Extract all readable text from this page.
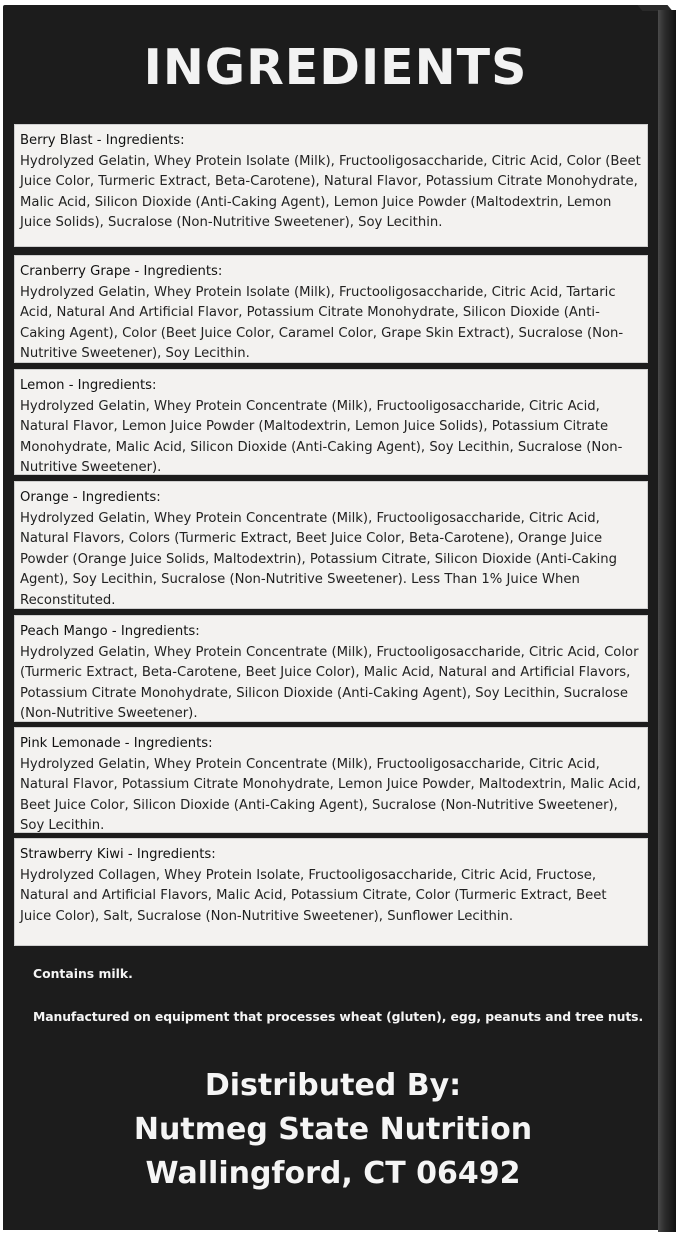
INGREDIENTS
Berry Blast - Ingredients:
Hydrolyzed Gelatin, Whey Protein Isolate (Milk), Fructooligosaccharide, Citric Acid, Color (Beet Juice Color, Turmeric Extract, Beta-Carotene), Natural Flavor, Potassium Citrate Monohydrate, Malic Acid, Silicon Dioxide (Anti-Caking Agent), Lemon Juice Powder (Maltodextrin, Lemon Juice Solids), Sucralose (Non-Nutritive Sweetener), Soy Lecithin.
Cranberry Grape - Ingredients:
Hydrolyzed Gelatin, Whey Protein Isolate (Milk), Fructooligosaccharide, Citric Acid, Tartaric Acid, Natural And Artificial Flavor, Potassium Citrate Monohydrate, Silicon Dioxide (Anti-Caking Agent), Color (Beet Juice Color, Caramel Color, Grape Skin Extract), Sucralose (Non-Nutritive Sweetener), Soy Lecithin.
Lemon - Ingredients:
Hydrolyzed Gelatin, Whey Protein Concentrate (Milk), Fructooligosaccharide, Citric Acid, Natural Flavor, Lemon Juice Powder (Maltodextrin, Lemon Juice Solids), Potassium Citrate Monohydrate, Malic Acid, Silicon Dioxide (Anti-Caking Agent), Soy Lecithin, Sucralose (Non-Nutritive Sweetener).
Orange - Ingredients:
Hydrolyzed Gelatin, Whey Protein Concentrate (Milk), Fructooligosaccharide, Citric Acid, Natural Flavors, Colors (Turmeric Extract, Beet Juice Color, Beta-Carotene), Orange Juice Powder (Orange Juice Solids, Maltodextrin), Potassium Citrate, Silicon Dioxide (Anti-Caking Agent), Soy Lecithin, Sucralose (Non-Nutritive Sweetener). Less Than 1% Juice When Reconstituted.
Peach Mango - Ingredients:
Hydrolyzed Gelatin, Whey Protein Concentrate (Milk), Fructooligosaccharide, Citric Acid, Color (Turmeric Extract, Beta-Carotene, Beet Juice Color), Malic Acid, Natural and Artificial Flavors, Potassium Citrate Monohydrate, Silicon Dioxide (Anti-Caking Agent), Soy Lecithin, Sucralose (Non-Nutritive Sweetener).
Pink Lemonade - Ingredients:
Hydrolyzed Gelatin, Whey Protein Concentrate (Milk), Fructooligosaccharide, Citric Acid, Natural Flavor, Potassium Citrate Monohydrate, Lemon Juice Powder, Maltodextrin, Malic Acid, Beet Juice Color, Silicon Dioxide (Anti-Caking Agent), Sucralose (Non-Nutritive Sweetener), Soy Lecithin.
Strawberry Kiwi - Ingredients:
Hydrolyzed Collagen, Whey Protein Isolate, Fructooligosaccharide, Citric Acid, Fructose, Natural and Artificial Flavors, Malic Acid, Potassium Citrate, Color (Turmeric Extract, Beet Juice Color), Salt, Sucralose (Non-Nutritive Sweetener), Sunflower Lecithin.
Contains milk.
Manufactured on equipment that processes wheat (gluten), egg, peanuts and tree nuts.
Distributed By:
Nutmeg State Nutrition
Wallingford, CT 06492
